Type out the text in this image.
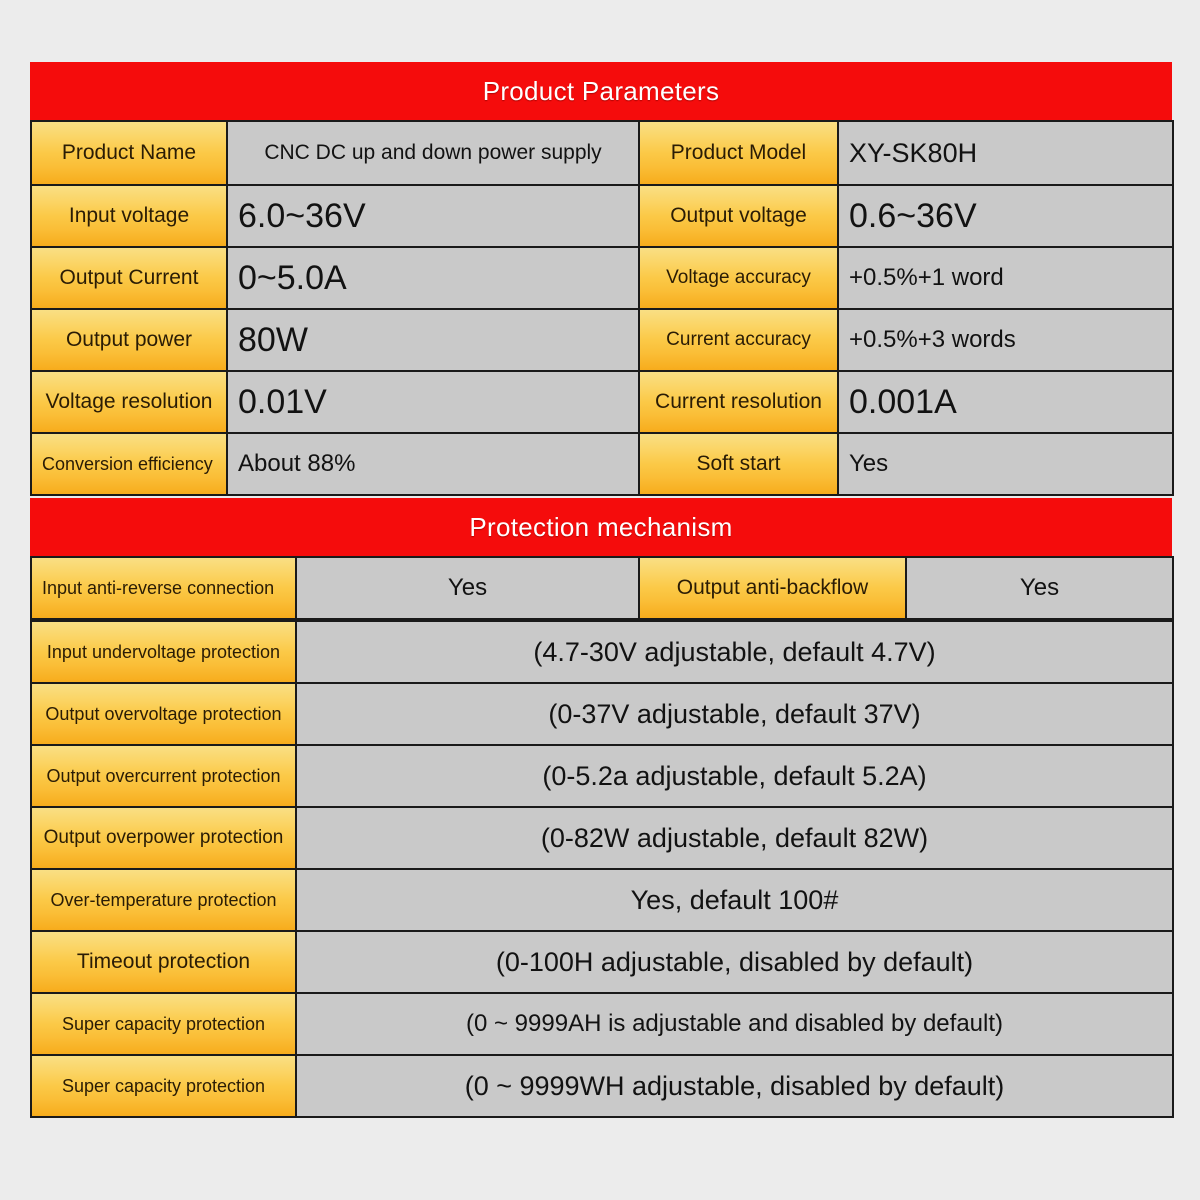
Product Parameters
Product Name	CNC DC up and down power supply	Product Model	XY-SK80H
Input voltage	6.0~36V	Output voltage	0.6~36V
Output Current	0~5.0A	Voltage accuracy	+0.5%+1 word
Output power	80W	Current accuracy	+0.5%+3 words
Voltage resolution	0.01V	Current resolution	0.001A
Conversion efficiency	About 88%	Soft start	Yes
Protection mechanism
Input anti-reverse connection	Yes	Output anti-backflow	Yes
Input undervoltage protection	(4.7-30V adjustable, default 4.7V)
Output overvoltage protection	(0-37V adjustable, default 37V)
Output overcurrent protection	(0-5.2a adjustable, default 5.2A)
Output overpower protection	(0-82W adjustable, default 82W)
Over-temperature protection	Yes, default 100#
Timeout protection	(0-100H adjustable, disabled by default)
Super capacity protection	(0 ~ 9999AH is adjustable and disabled by default)
Super capacity protection	(0 ~ 9999WH adjustable, disabled by default)
